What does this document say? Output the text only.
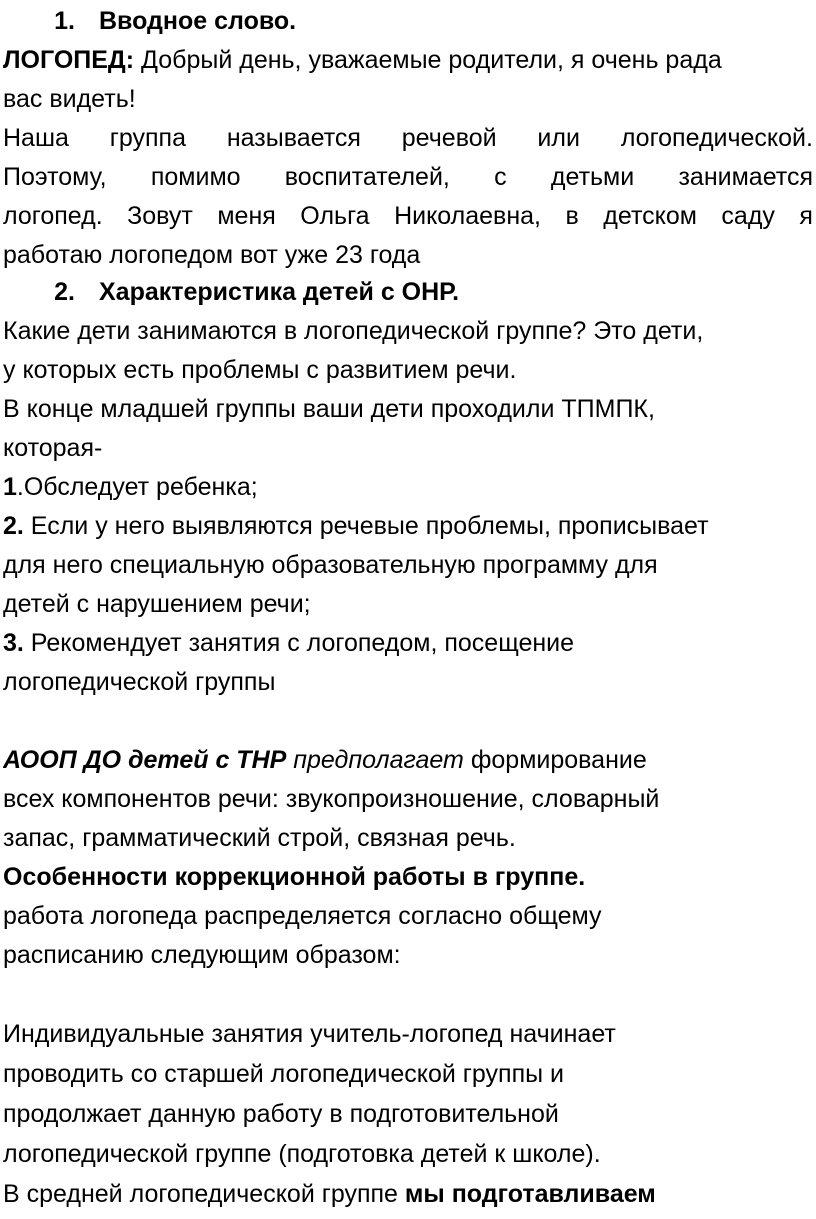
1. Вводное слово.
ЛОГОПЕД: Добрый день, уважаемые родители, я очень рада
вас видеть!
Наша группа называется речевой или логопедической.
Поэтому, помимо воспитателей, с детьми занимается
логопед. Зовут меня Ольга Николаевна, в детском саду я
работаю логопедом вот уже 23 года
2. Характеристика детей с ОНР.
Какие дети занимаются в логопедической группе? Это дети,
у которых есть проблемы с развитием речи.
В конце младшей группы ваши дети проходили ТПМПК,
которая-
1.Обследует ребенка;
2. Если у него выявляются речевые проблемы, прописывает
для него специальную образовательную программу для
детей с нарушением речи;
3. Рекомендует занятия с логопедом, посещение
логопедической группы
АООП ДО детей с ТНР предполагает формирование
всех компонентов речи: звукопроизношение, словарный
запас, грамматический строй, связная речь.
Особенности коррекционной работы в группе.
работа логопеда распределяется согласно общему
расписанию следующим образом:
Индивидуальные занятия учитель-логопед начинает
проводить со старшей логопедической группы и
продолжает данную работу в подготовительной
логопедической группе (подготовка детей к школе).
В средней логопедической группе мы подготавливаем
